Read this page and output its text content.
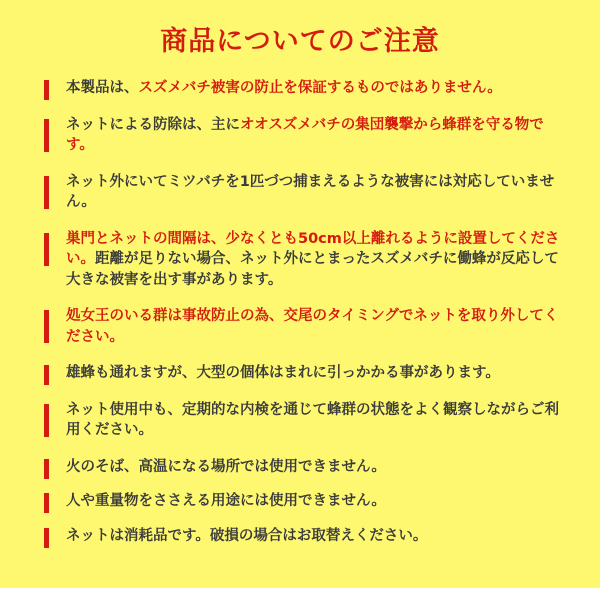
商品についてのご注意
本製品は、スズメバチ被害の防止を保証するものではありません。
ネットによる防除は、主にオオスズメバチの集団襲撃から蜂群を守る物です。
ネット外にいてミツバチを1匹づつ捕まえるような被害には対応していません。
巣門とネットの間隔は、少なくとも50cm以上離れるように設置してください。距離が足りない場合、ネット外にとまったスズメバチに働蜂が反応して大きな被害を出す事があります。
処女王のいる群は事故防止の為、交尾のタイミングでネットを取り外してください。
雄蜂も通れますが、大型の個体はまれに引っかかる事があります。
ネット使用中も、定期的な内検を通じて蜂群の状態をよく観察しながらご利用ください。
火のそば、高温になる場所では使用できません。
人や重量物をささえる用途には使用できません。
ネットは消耗品です。破損の場合はお取替えください。
